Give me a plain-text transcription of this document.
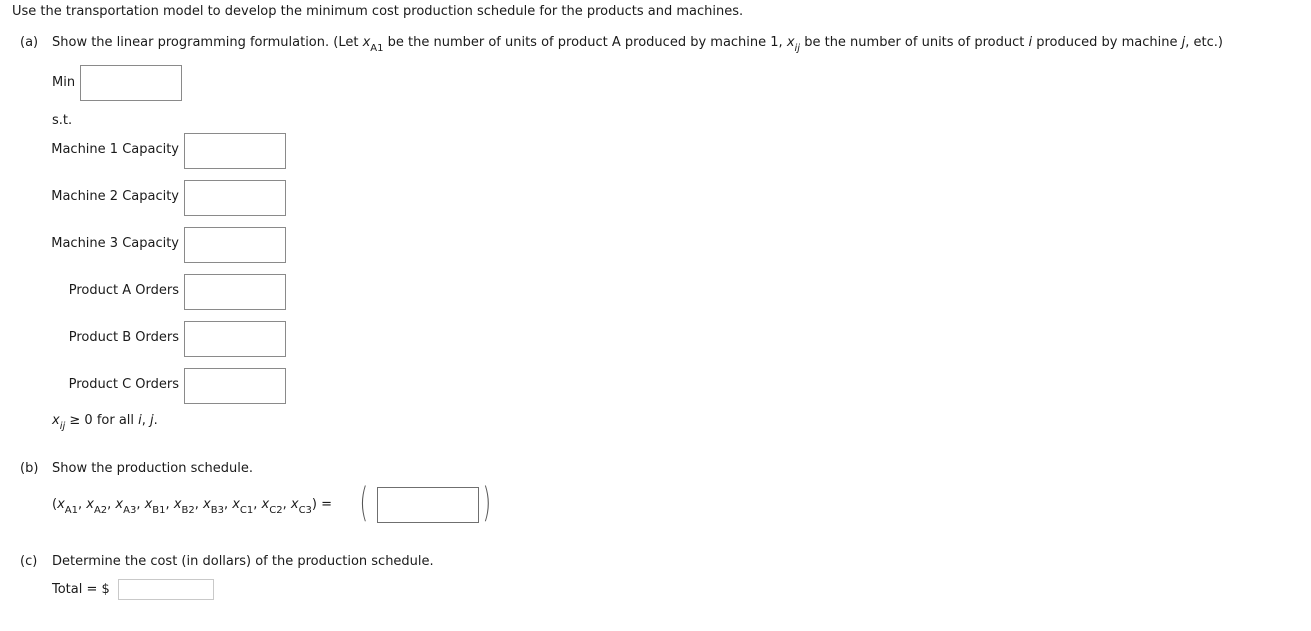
Use the transportation model to develop the minimum cost production schedule for the products and machines.
(a) Show the linear programming formulation. (Let $x_{A1}$ be the number of units of product A produced by machine 1, $x_{ij}$ be the number of units of product i produced by machine j, etc.)
Min
s.t.
Machine 1 Capacity
Machine 2 Capacity
Machine 3 Capacity
Product A Orders
Product B Orders
Product C Orders
$x_{ij} \ge 0$ for all i, j.
(b) Show the production schedule.
($x_{A1}$, $x_{A2}$, $x_{A3}$, $x_{B1}$, $x_{B2}$, $x_{B3}$, $x_{C1}$, $x_{C2}$, $x_{C3}$) = (	)
(c) Determine the cost (in dollars) of the production schedule.
Total = $
